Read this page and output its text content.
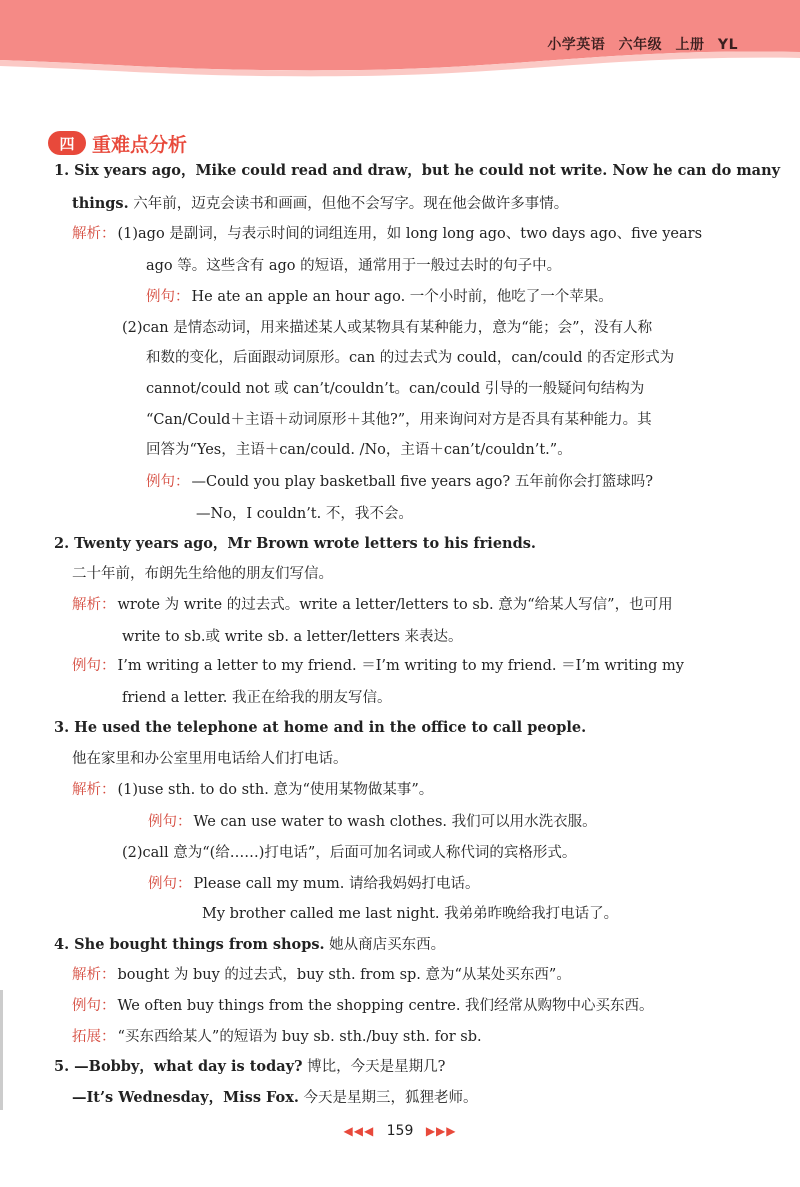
小学英语 六年级 上册 YL
四 重难点分析
1. Six years ago，Mike could read and draw，but he could not write. Now he can do many
things. 六年前，迈克会读书和画画，但他不会写字。现在他会做许多事情。
解析： (1)ago 是副词，与表示时间的词组连用，如 long long ago、two days ago、five years
ago 等。这些含有 ago 的短语，通常用于一般过去时的句子中。
例句： He ate an apple an hour ago. 一个小时前，他吃了一个苹果。
(2)can 是情态动词，用来描述某人或某物具有某种能力，意为“能；会”，没有人称
和数的变化，后面跟动词原形。can 的过去式为 could，can/could 的否定形式为
cannot/could not 或 can’t/couldn’t。can/could 引导的一般疑问句结构为
“Can/Could＋主语＋动词原形＋其他?”，用来询问对方是否具有某种能力。其
回答为“Yes，主语＋can/could. /No，主语＋can’t/couldn’t.”。
例句： —Could you play basketball five years ago? 五年前你会打篮球吗?
—No，I couldn’t. 不，我不会。
2. Twenty years ago，Mr Brown wrote letters to his friends.
二十年前，布朗先生给他的朋友们写信。
解析： wrote 为 write 的过去式。write a letter/letters to sb. 意为“给某人写信”，也可用
write to sb.或 write sb. a letter/letters 来表达。
例句： I’m writing a letter to my friend. ＝I’m writing to my friend. ＝I’m writing my
friend a letter. 我正在给我的朋友写信。
3. He used the telephone at home and in the office to call people.
他在家里和办公室里用电话给人们打电话。
解析： (1)use sth. to do sth. 意为“使用某物做某事”。
例句： We can use water to wash clothes. 我们可以用水洗衣服。
(2)call 意为“(给……)打电话”，后面可加名词或人称代词的宾格形式。
例句： Please call my mum. 请给我妈妈打电话。
My brother called me last night. 我弟弟昨晚给我打电话了。
4. She bought things from shops. 她从商店买东西。
解析： bought 为 buy 的过去式，buy sth. from sp. 意为“从某处买东西”。
例句： We often buy things from the shopping centre. 我们经常从购物中心买东西。
拓展： “买东西给某人”的短语为 buy sb. sth./buy sth. for sb.
5. —Bobby，what day is today? 博比，今天是星期几?
—It’s Wednesday，Miss Fox. 今天是星期三，狐狸老师。
◀◀◀ 159 ▶▶▶
